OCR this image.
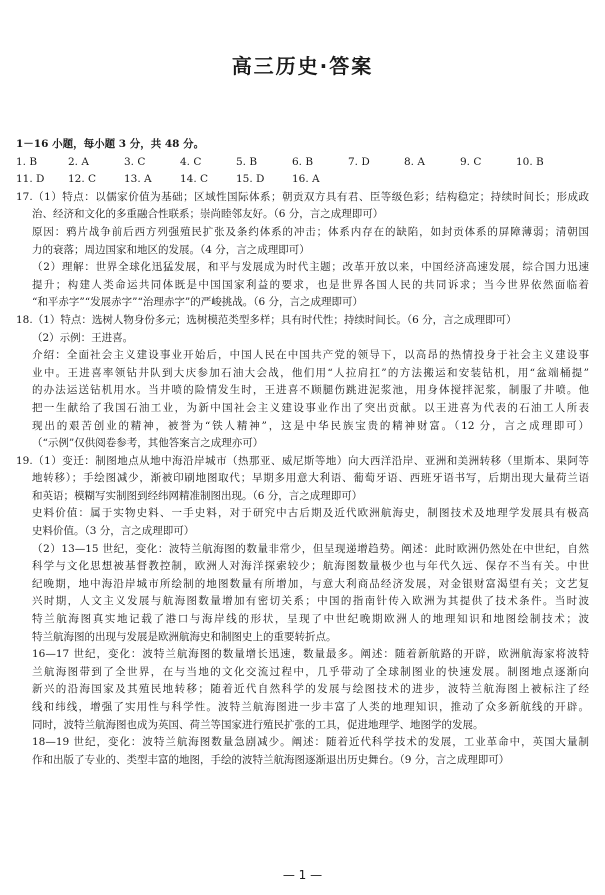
高三历史·答案
1－16 小题，每小题 3 分，共 48 分。
1. B	2. A	3. C	4. C	5. B	6. B	7. D	8. A	9. C	10. B
11. D	12. C	13. A	14. C	15. D	16. A
17.（1）特点：以儒家价值为基础；区域性国际体系；朝贡双方具有君、臣等级色彩；结构稳定；持续时间长；形成政
治、经济和文化的多重融合性联系；崇尚睦邻友好。（6 分，言之成理即可）
原因：鸦片战争前后西方列强殖民扩张及条约体系的冲击；体系内存在的缺陷，如封贡体系的屏障薄弱；清朝国
力的衰落；周边国家和地区的发展。（4 分，言之成理即可）
（2）理解：世界全球化迅猛发展，和平与发展成为时代主题；改革开放以来，中国经济高速发展，综合国力迅速
提升；构建人类命运共同体既是中国国家利益的要求，也是世界各国人民的共同诉求；当今世界依然面临着
“和平赤字”“发展赤字”“治理赤字”的严峻挑战。（6 分，言之成理即可）
18.（1）特点：选树人物身份多元；选树模范类型多样；具有时代性；持续时间长。（6 分，言之成理即可）
（2）示例：王进喜。
介绍：全面社会主义建设事业开始后，中国人民在中国共产党的领导下，以高昂的热情投身于社会主义建设事
业中。王进喜率领钻井队到大庆参加石油大会战，他们用“人拉肩扛”的方法搬运和安装钻机，用“盆端桶提”
的办法运送钻机用水。当井喷的险情发生时，王进喜不顾腿伤跳进泥浆池，用身体搅拌泥浆，制服了井喷。他
把一生献给了我国石油工业，为新中国社会主义建设事业作出了突出贡献。以王进喜为代表的石油工人所表
现出的艰苦创业的精神，被誉为“铁人精神”，这是中华民族宝贵的精神财富。（12 分，言之成理即可）
（“示例”仅供阅卷参考，其他答案言之成理亦可）
19.（1）变迁：制图地点从地中海沿岸城市（热那亚、威尼斯等地）向大西洋沿岸、亚洲和美洲转移（里斯本、果阿等
地转移）；手绘图减少，渐被印刷地图取代；早期多用意大利语、葡萄牙语、西班牙语书写，后期出现大量荷兰语
和英语；模糊写实制图到经纬网精准制图出现。（6 分，言之成理即可）
史料价值：属于实物史料、一手史料，对于研究中古后期及近代欧洲航海史，制图技术及地理学发展具有极高
史料价值。（3 分，言之成理即可）
（2）13—15 世纪，变化：波特兰航海图的数量非常少，但呈现递增趋势。阐述：此时欧洲仍然处在中世纪，自然
科学与文化思想被基督教控制，欧洲人对海洋探索较少；航海图数量极少也与年代久远、保存不当有关。中世
纪晚期，地中海沿岸城市所绘制的地图数量有所增加，与意大利商品经济发展，对金银财富渴望有关；文艺复
兴时期，人文主义发展与航海图数量增加有密切关系；中国的指南针传入欧洲为其提供了技术条件。当时波
特兰航海图真实地记载了港口与海岸线的形状，呈现了中世纪晚期欧洲人的地理知识和地图绘制技术；波
特兰航海图的出现与发展是欧洲航海史和制图史上的重要转折点。
16—17 世纪，变化：波特兰航海图的数量增长迅速，数量最多。阐述：随着新航路的开辟，欧洲航海家将波特
兰航海图带到了全世界，在与当地的文化交流过程中，几乎带动了全球制图业的快速发展。制图地点逐渐向
新兴的沿海国家及其殖民地转移；随着近代自然科学的发展与绘图技术的进步，波特兰航海图上被标注了经
线和纬线，增强了实用性与科学性。波特兰航海图进一步丰富了人类的地理知识，推动了众多新航线的开辟。
同时，波特兰航海图也成为英国、荷兰等国家进行殖民扩张的工具，促进地理学、地图学的发展。
18—19 世纪，变化：波特兰航海图数量急剧减少。阐述：随着近代科学技术的发展，工业革命中，英国大量制
作和出版了专业的、类型丰富的地图，手绘的波特兰航海图逐渐退出历史舞台。（9 分，言之成理即可）
— 1 —
